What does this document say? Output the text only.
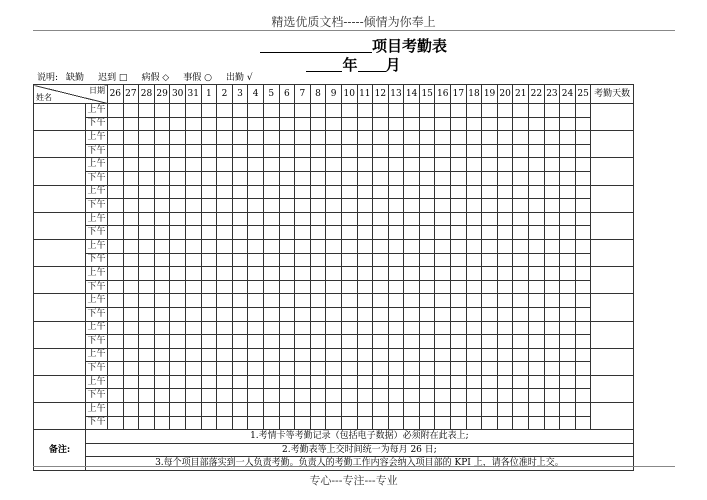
精选优质文档-----倾情为你奉上
项目考勤表
年 月
说明: 缺勤 迟到 □ 病假 ◇ 事假 ○ 出勤 √
日期
姓名		26	27	28	29	30	31	1	2	3	4	5	6	7	8	9	10	11	12	13	14	15	16	17	18	19	20	21	22	23	24	25	考勤天数
	上午																																
	下午																																
	上午																																
	下午																																
	上午																																
	下午																																
	上午																																
	下午																																
	上午																																
	下午																																
	上午																																
	下午																																
	上午																																
	下午																																
	上午																																
	下午																																
	上午																																
	下午																																
	上午																																
	下午																																
	上午																																
	下午																																
	上午																																
	下午																																
备注:	1.考情卡等考勤记录（包括电子数据）必须附在此表上;																																
	2.考勤表等上交时间统一为每月 26 日;																																
	3.每个项目部落实到一人负责考勤。负责人的考勤工作内容会纳入项目部的 KPI 上，请各位准时上交。																																
专心---专注---专业
